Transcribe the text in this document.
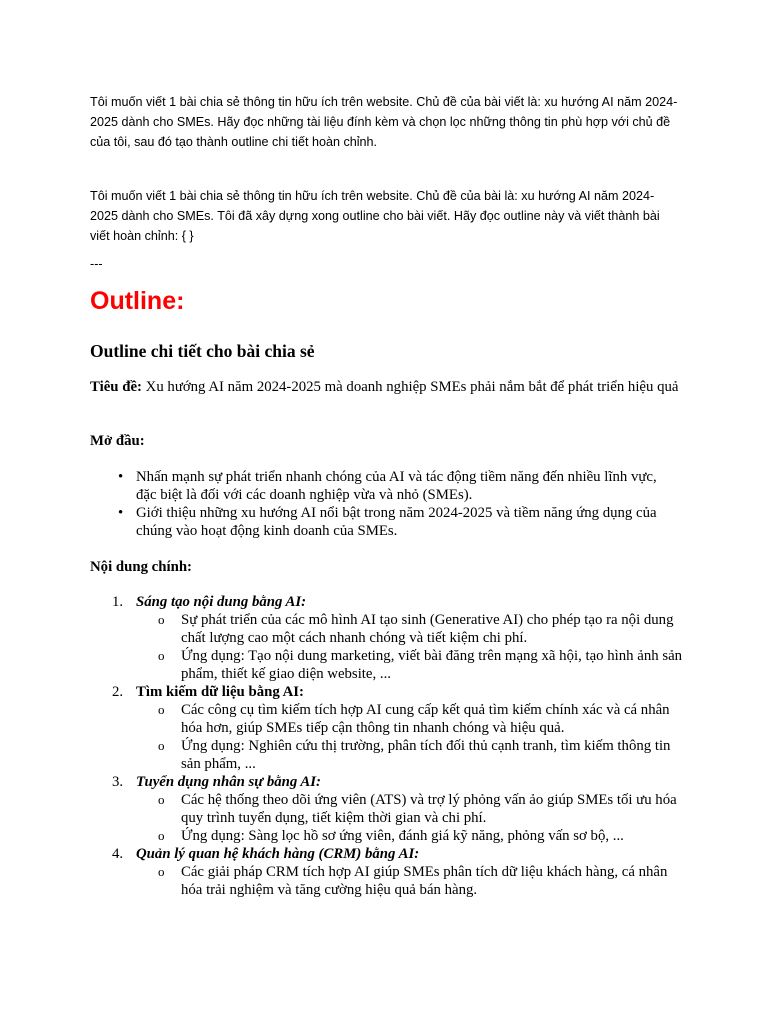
Tôi muốn viết 1 bài chia sẻ thông tin hữu ích trên website. Chủ đề của bài viết là: xu hướng AI năm 2024-2025 dành cho SMEs. Hãy đọc những tài liệu đính kèm và chọn lọc những thông tin phù hợp với chủ đề của tôi, sau đó tạo thành outline chi tiết hoàn chỉnh.

Tôi muốn viết 1 bài chia sẻ thông tin hữu ích trên website. Chủ đề của bài là: xu hướng AI năm 2024-2025 dành cho SMEs. Tôi đã xây dựng xong outline cho bài viết. Hãy đọc outline này và viết thành bài viết hoàn chỉnh: { }

---
Outline:
Outline chi tiết cho bài chia sẻ
Tiêu đề: Xu hướng AI năm 2024-2025 mà doanh nghiệp SMEs phải nắm bắt để phát triển hiệu quả
Mở đầu:
• Nhấn mạnh sự phát triển nhanh chóng của AI và tác động tiềm năng đến nhiều lĩnh vực, đặc biệt là đối với các doanh nghiệp vừa và nhỏ (SMEs).
• Giới thiệu những xu hướng AI nổi bật trong năm 2024-2025 và tiềm năng ứng dụng của chúng vào hoạt động kinh doanh của SMEs.
Nội dung chính:
1. Sáng tạo nội dung bằng AI:
o Sự phát triển của các mô hình AI tạo sinh (Generative AI) cho phép tạo ra nội dung chất lượng cao một cách nhanh chóng và tiết kiệm chi phí.
o Ứng dụng: Tạo nội dung marketing, viết bài đăng trên mạng xã hội, tạo hình ảnh sản phẩm, thiết kế giao diện website, ...
2. Tìm kiếm dữ liệu bằng AI:
o Các công cụ tìm kiếm tích hợp AI cung cấp kết quả tìm kiếm chính xác và cá nhân hóa hơn, giúp SMEs tiếp cận thông tin nhanh chóng và hiệu quả.
o Ứng dụng: Nghiên cứu thị trường, phân tích đối thủ cạnh tranh, tìm kiếm thông tin sản phẩm, ...
3. Tuyển dụng nhân sự bằng AI:
o Các hệ thống theo dõi ứng viên (ATS) và trợ lý phỏng vấn ảo giúp SMEs tối ưu hóa quy trình tuyển dụng, tiết kiệm thời gian và chi phí.
o Ứng dụng: Sàng lọc hồ sơ ứng viên, đánh giá kỹ năng, phỏng vấn sơ bộ, ...
4. Quản lý quan hệ khách hàng (CRM) bằng AI:
o Các giải pháp CRM tích hợp AI giúp SMEs phân tích dữ liệu khách hàng, cá nhân hóa trải nghiệm và tăng cường hiệu quả bán hàng.
